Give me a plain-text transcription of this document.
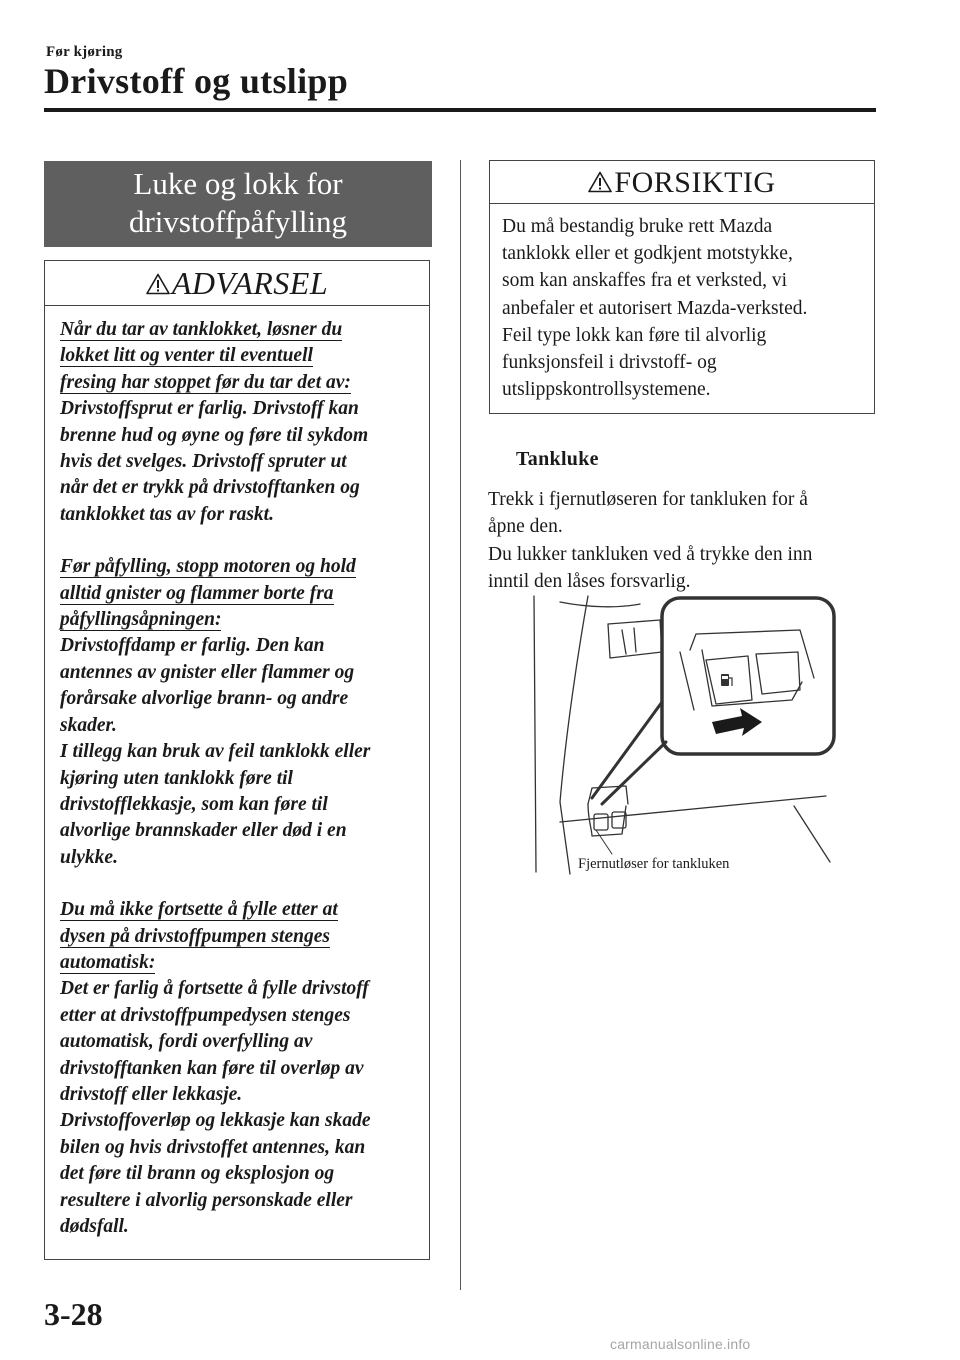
Før kjøring
Drivstoff og utslipp
Luke og lokk for
drivstoffpåfylling
ADVARSEL

Når du tar av tanklokket, løsner du
lokket litt og venter til eventuell
fresing har stoppet før du tar det av:
Drivstoffsprut er farlig. Drivstoff kan
brenne hud og øyne og føre til sykdom
hvis det svelges. Drivstoff spruter ut
når det er trykk på drivstofftanken og
tanklokket tas av for raskt.

Før påfylling, stopp motoren og hold
alltid gnister og flammer borte fra
påfyllingsåpningen:
Drivstoffdamp er farlig. Den kan
antennes av gnister eller flammer og
forårsake alvorlige brann- og andre
skader.
I tillegg kan bruk av feil tanklokk eller
kjøring uten tanklokk føre til
drivstofflekkasje, som kan føre til
alvorlige brannskader eller død i en
ulykke.

Du må ikke fortsette å fylle etter at
dysen på drivstoffpumpen stenges
automatisk:
Det er farlig å fortsette å fylle drivstoff
etter at drivstoffpumpedysen stenges
automatisk, fordi overfylling av
drivstofftanken kan føre til overløp av
drivstoff eller lekkasje.
Drivstoffoverløp og lekkasje kan skade
bilen og hvis drivstoffet antennes, kan
det føre til brann og eksplosjon og
resultere i alvorlig personskade eller
dødsfall.

FORSIKTIG
Du må bestandig bruke rett Mazda
tanklokk eller et godkjent motstykke,
som kan anskaffes fra et verksted, vi
anbefaler et autorisert Mazda-verksted.
Feil type lokk kan føre til alvorlig
funksjonsfeil i drivstoff- og
utslippskontrollsystemene.
Tankluke
Trekk i fjernutløseren for tankluken for å
åpne den.
Du lukker tankluken ved å trykke den inn
inntil den låses forsvarlig.
Fjernutløser for tankluken
3-28
carmanualsonline.info
